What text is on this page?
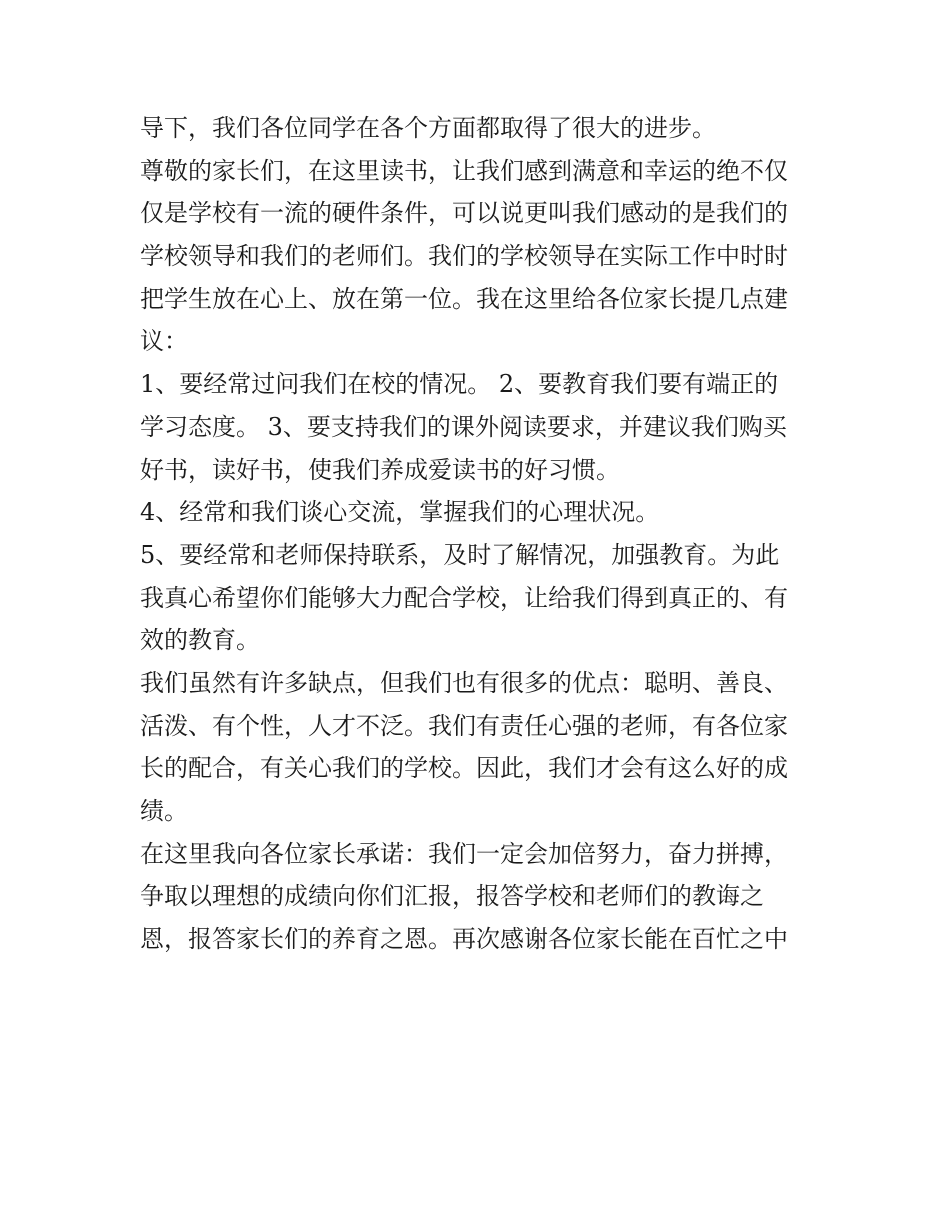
导下，我们各位同学在各个方面都取得了很大的进步。
尊敬的家长们，在这里读书，让我们感到满意和幸运的绝不仅
仅是学校有一流的硬件条件，可以说更叫我们感动的是我们的
学校领导和我们的老师们。我们的学校领导在实际工作中时时
把学生放在心上、放在第一位。我在这里给各位家长提几点建
议：
1、要经常过问我们在校的情况。 2、要教育我们要有端正的
学习态度。 3、要支持我们的课外阅读要求，并建议我们购买
好书，读好书，使我们养成爱读书的好习惯。
4、经常和我们谈心交流，掌握我们的心理状况。
5、要经常和老师保持联系，及时了解情况，加强教育。为此
我真心希望你们能够大力配合学校，让给我们得到真正的、有
效的教育。
我们虽然有许多缺点，但我们也有很多的优点：聪明、善良、
活泼、有个性，人才不泛。我们有责任心强的老师，有各位家
长的配合，有关心我们的学校。因此，我们才会有这么好的成
绩。
在这里我向各位家长承诺：我们一定会加倍努力，奋力拼搏，
争取以理想的成绩向你们汇报，报答学校和老师们的教诲之
恩，报答家长们的养育之恩。再次感谢各位家长能在百忙之中
